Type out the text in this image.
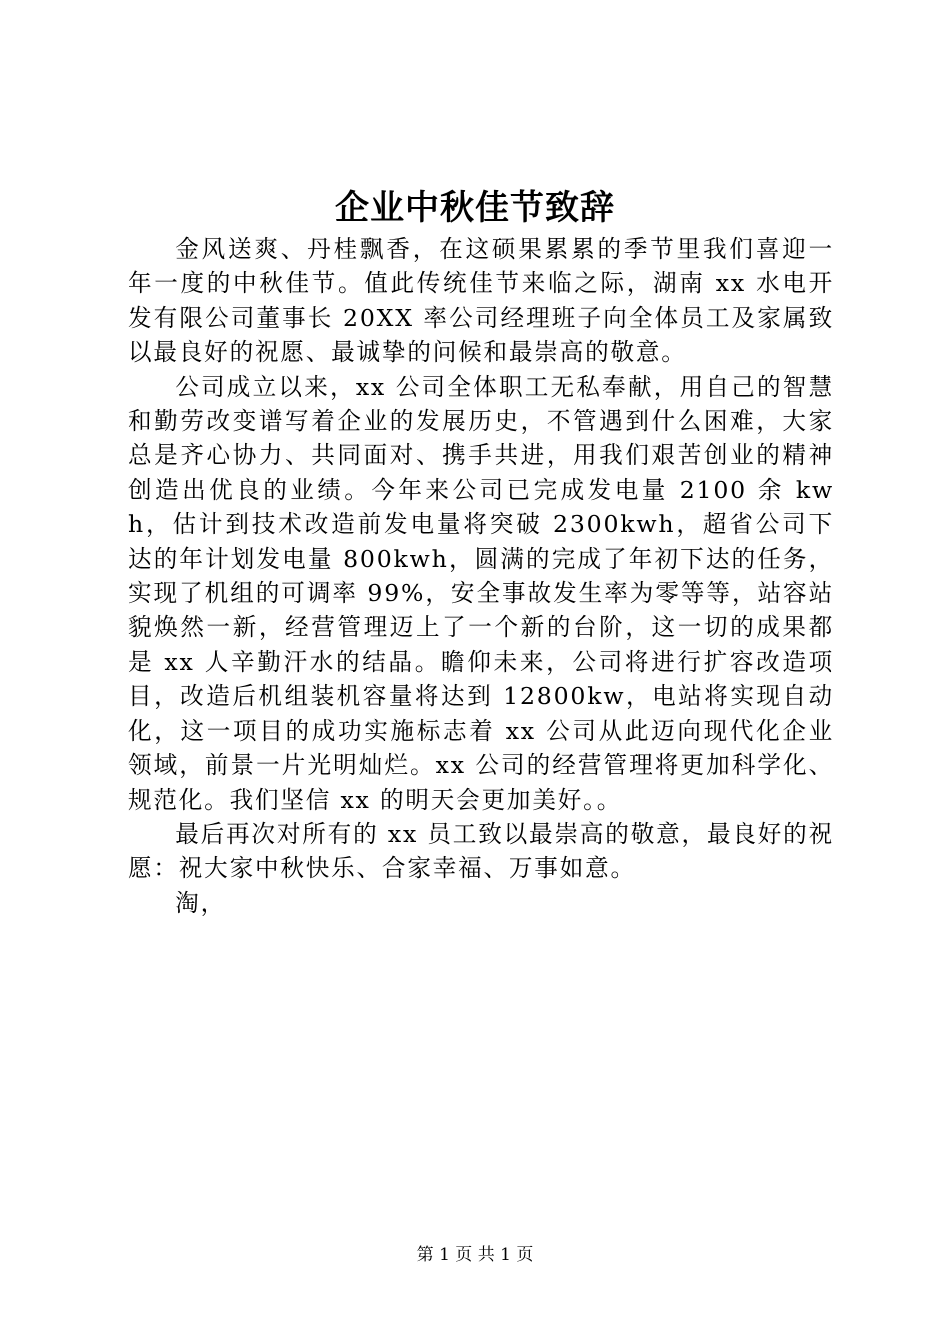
企业中秋佳节致辞

金风送爽、丹桂飘香，在这硕果累累的季节里我们喜迎一年一度的中秋佳节。值此传统佳节来临之际，湖南 xx 水电开发有限公司董事长 20XX 率公司经理班子向全体员工及家属致以最良好的祝愿、最诚挚的问候和最崇高的敬意。

公司成立以来，xx 公司全体职工无私奉献，用自己的智慧和勤劳改变谱写着企业的发展历史，不管遇到什么困难，大家总是齐心协力、共同面对、携手共进，用我们艰苦创业的精神创造出优良的业绩。今年来公司已完成发电量 2100 余 kwh，估计到技术改造前发电量将突破 2300kwh，超省公司下达的年计划发电量 800kwh，圆满的完成了年初下达的任务，实现了机组的可调率 99%，安全事故发生率为零等等，站容站貌焕然一新，经营管理迈上了一个新的台阶，这一切的成果都是 xx 人辛勤汗水的结晶。瞻仰未来，公司将进行扩容改造项目，改造后机组装机容量将达到 12800kw，电站将实现自动化，这一项目的成功实施标志着 xx 公司从此迈向现代化企业领域，前景一片光明灿烂。xx 公司的经营管理将更加科学化、规范化。我们坚信 xx 的明天会更加美好。。

最后再次对所有的 xx 员工致以最崇高的敬意，最良好的祝愿：祝大家中秋快乐、合家幸福、万事如意。

淘，

第 1 页 共 1 页
